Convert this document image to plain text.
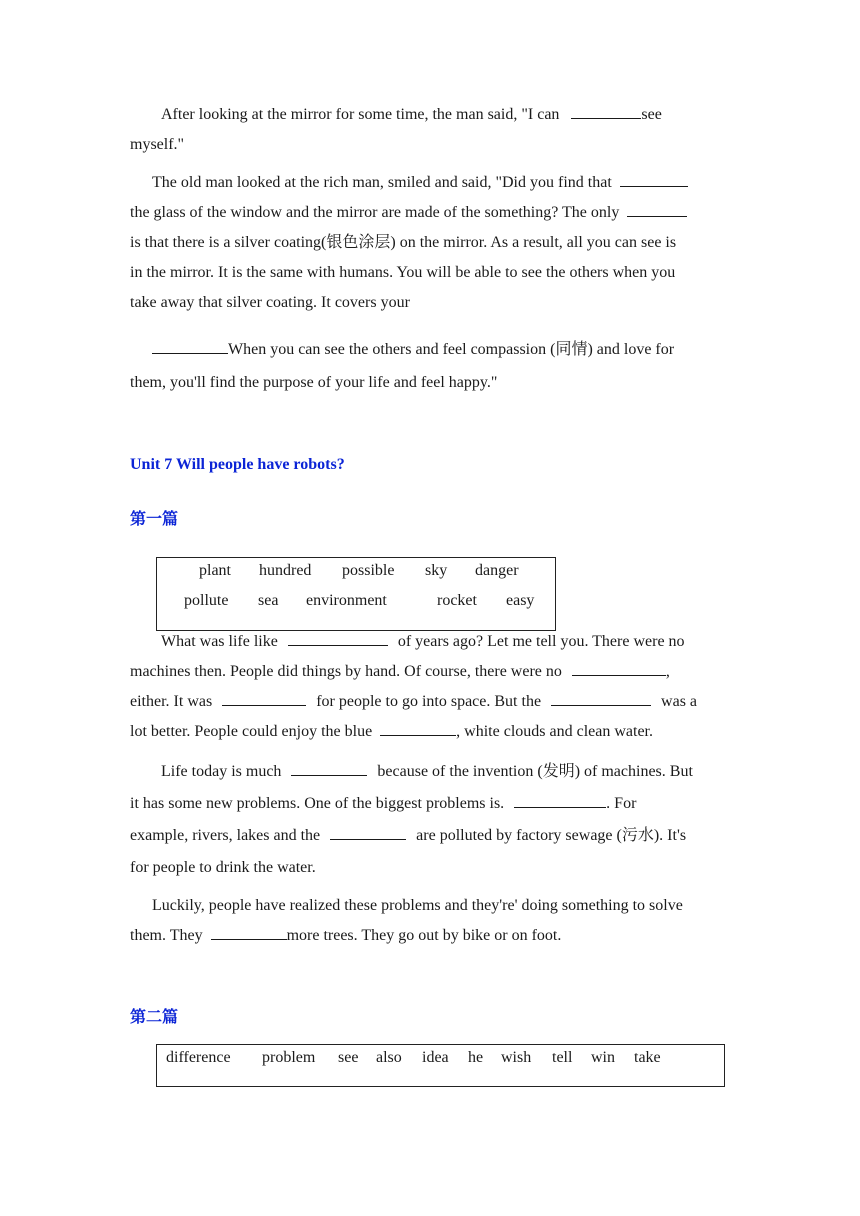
After looking at the mirror for some time, the man said, "I can	see
myself."

The old man looked at the rich man, smiled and said, "Did you find that
the glass of the window and the mirror are made of the something? The only
is that there is a silver coating(银色涂层) on the mirror. As a result, all you can see is
in the mirror. It is the same with humans. You will be able to see the others when you
take away that silver coating. It covers your

When you can see the others and feel compassion (同情) and love for
them, you'll find the purpose of your life and feel happy."

Unit 7 Will people have robots?
第一篇
plant hundred possible sky danger
pollute sea environment	rocket easy

What was life like	of years ago? Let me tell you. There were no
machines then. People did things by hand. Of course, there were no	,
either. It was	for people to go into space. But the	was a
lot better. People could enjoy the blue	, white clouds and clean water.

Life today is much	because of the invention (发明) of machines. But
it has some new problems. One of the biggest problems is.	. For
example, rivers, lakes and the	are polluted by factory sewage (污水). It's
for people to drink the water.

Luckily, people have realized these problems and they're' doing something to solve
them. They	more trees. They go out by bike or on foot.

第二篇
difference problem see also idea he wish tell win take
